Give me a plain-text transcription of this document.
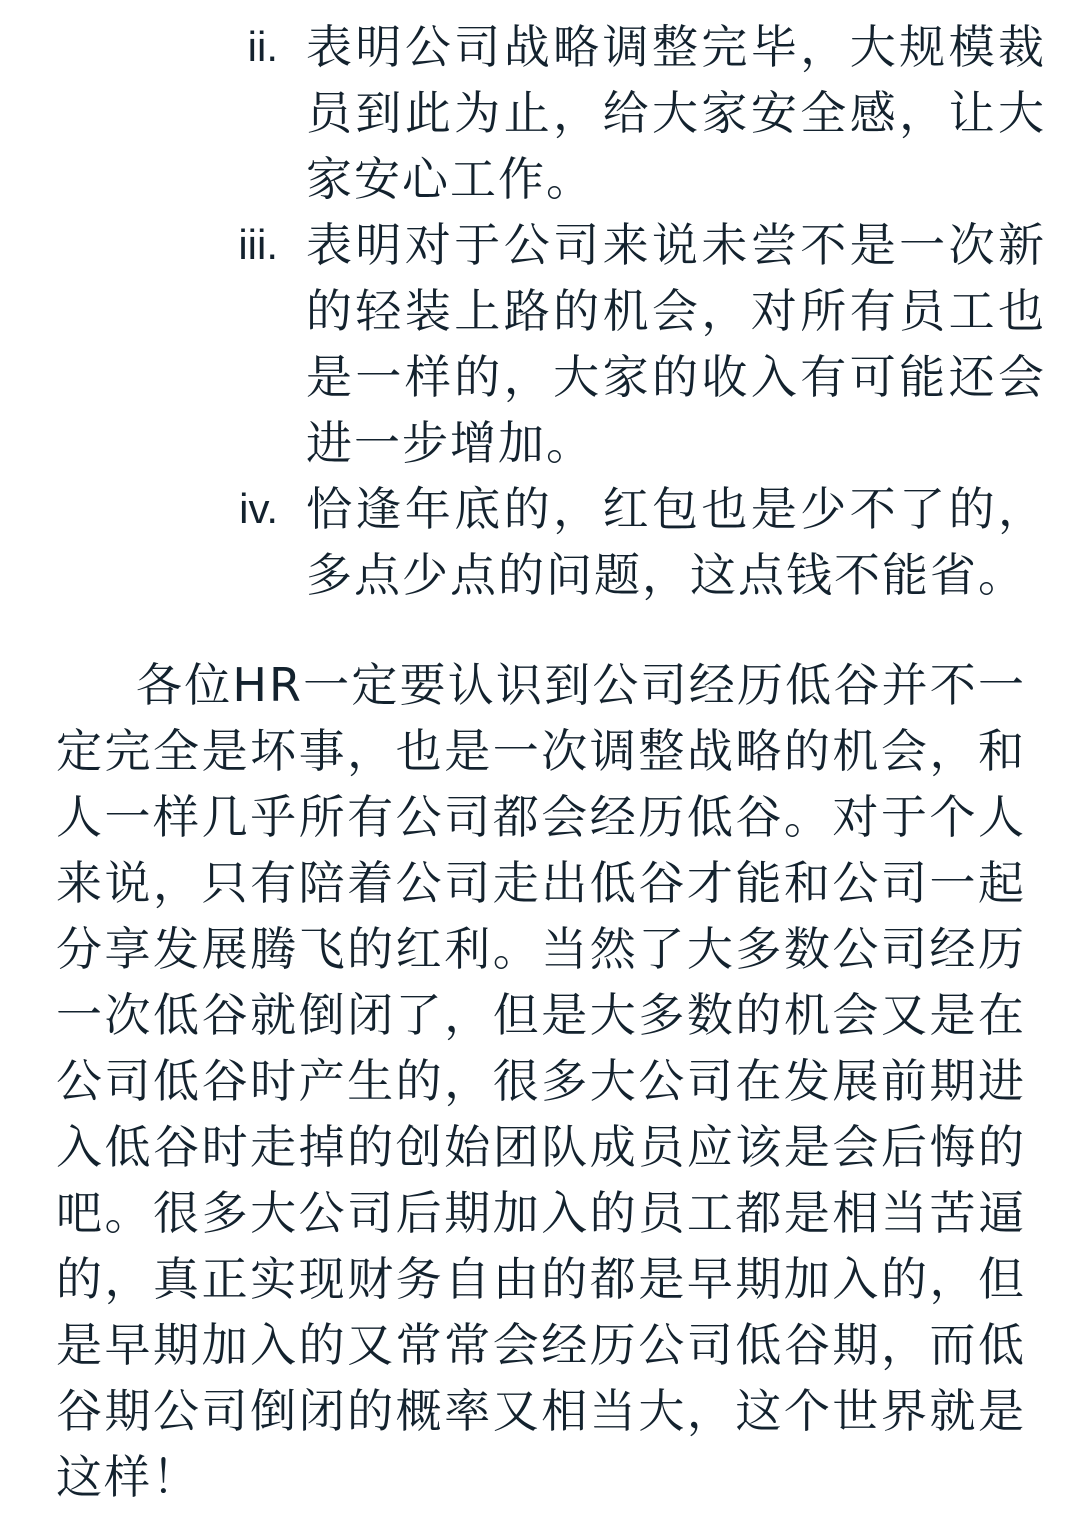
ii. 表明公司战略调整完毕，大规模裁员到此为止，给大家安全感，让大家安心工作。
iii. 表明对于公司来说未尝不是一次新的轻装上路的机会，对所有员工也是一样的，大家的收入有可能还会进一步增加。
iv. 恰逢年底的，红包也是少不了的，多点少点的问题，这点钱不能省。

各位HR一定要认识到公司经历低谷并不一定完全是坏事，也是一次调整战略的机会，和人一样几乎所有公司都会经历低谷。对于个人来说，只有陪着公司走出低谷才能和公司一起分享发展腾飞的红利。当然了大多数公司经历一次低谷就倒闭了，但是大多数的机会又是在公司低谷时产生的，很多大公司在发展前期进入低谷时走掉的创始团队成员应该是会后悔的吧。很多大公司后期加入的员工都是相当苦逼的，真正实现财务自由的都是早期加入的，但是早期加入的又常常会经历公司低谷期，而低谷期公司倒闭的概率又相当大，这个世界就是这样！
